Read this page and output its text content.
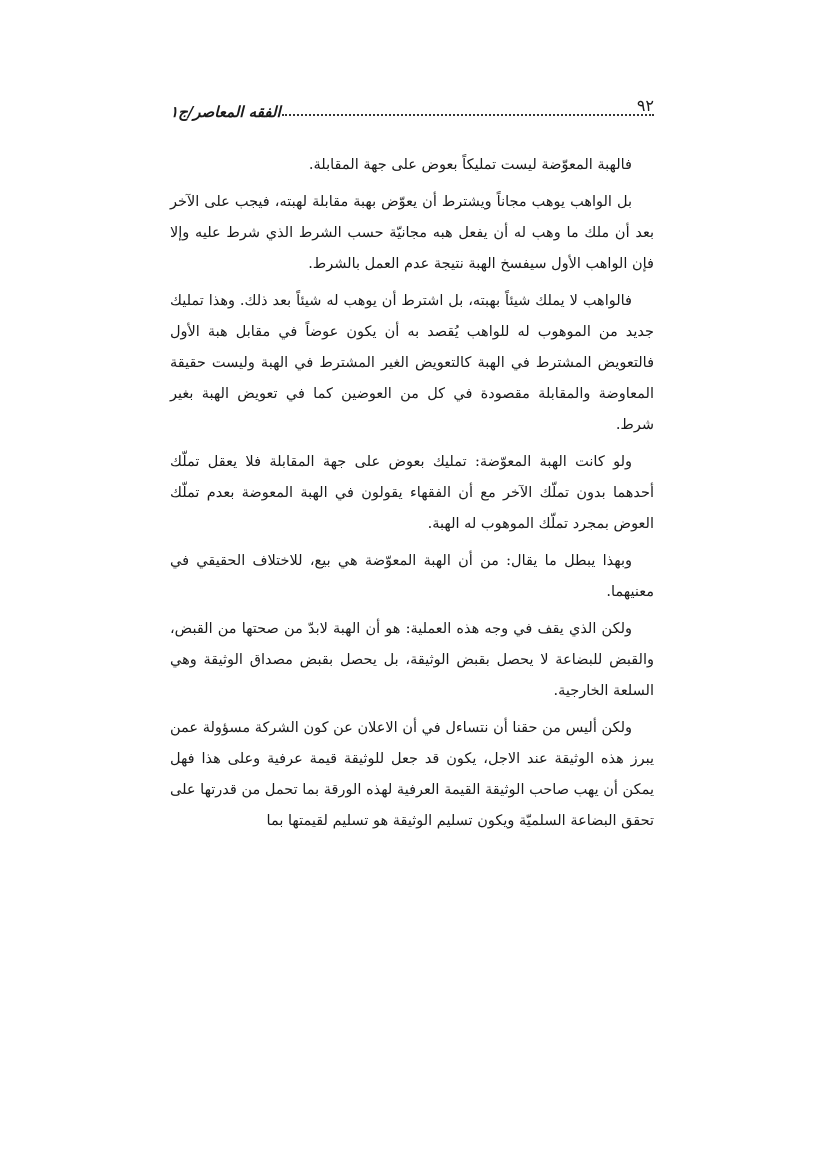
٩٢
الفقه المعاصر/ج١

فالهبة المعوّضة ليست تمليكاً بعوض على جهة المقابلة.

بل الواهب يوهب مجاناً ويشترط أن يعوّض بهبة مقابلة لهبته، فيجب على الآخر بعد أن ملك ما وهب له أن يفعل هبه مجانيّة حسب الشرط الذي شرط عليه وإلا فإن الواهب الأول سيفسخ الهبة نتيجة عدم العمل بالشرط.

فالواهب لا يملك شيئاً بهبته، بل اشترط أن يوهب له شيئاً بعد ذلك. وهذا تمليك جديد من الموهوب له للواهب يُقصد به أن يكون عوضاً في مقابل هبة الأول فالتعويض المشترط في الهبة كالتعويض الغير المشترط في الهبة وليست حقيقة المعاوضة والمقابلة مقصودة في كل من العوضين كما في تعويض الهبة بغير شرط.

ولو كانت الهبة المعوّضة: تمليك بعوض على جهة المقابلة فلا يعقل تملّك أحدهما بدون تملّك الآخر مع أن الفقهاء يقولون في الهبة المعوضة بعدم تملّك العوض بمجرد تملّك الموهوب له الهبة.

وبهذا يبطل ما يقال: من أن الهبة المعوّضة هي بيع، للاختلاف الحقيقي في معنيهما.

ولكن الذي يقف في وجه هذه العملية: هو أن الهبة لابدّ من صحتها من القبض، والقبض للبضاعة لا يحصل بقبض الوثيقة، بل يحصل بقبض مصداق الوثيقة وهي السلعة الخارجية.

ولكن أليس من حقنا أن نتساءل في أن الاعلان عن كون الشركة مسؤولة عمن يبرز هذه الوثيقة عند الاجل، يكون قد جعل للوثيقة قيمة عرفية وعلى هذا فهل يمكن أن يهب صاحب الوثيقة القيمة العرفية لهذه الورقة بما تحمل من قدرتها على تحقق البضاعة السلميّة ويكون تسليم الوثيقة هو تسليم لقيمتها بما
